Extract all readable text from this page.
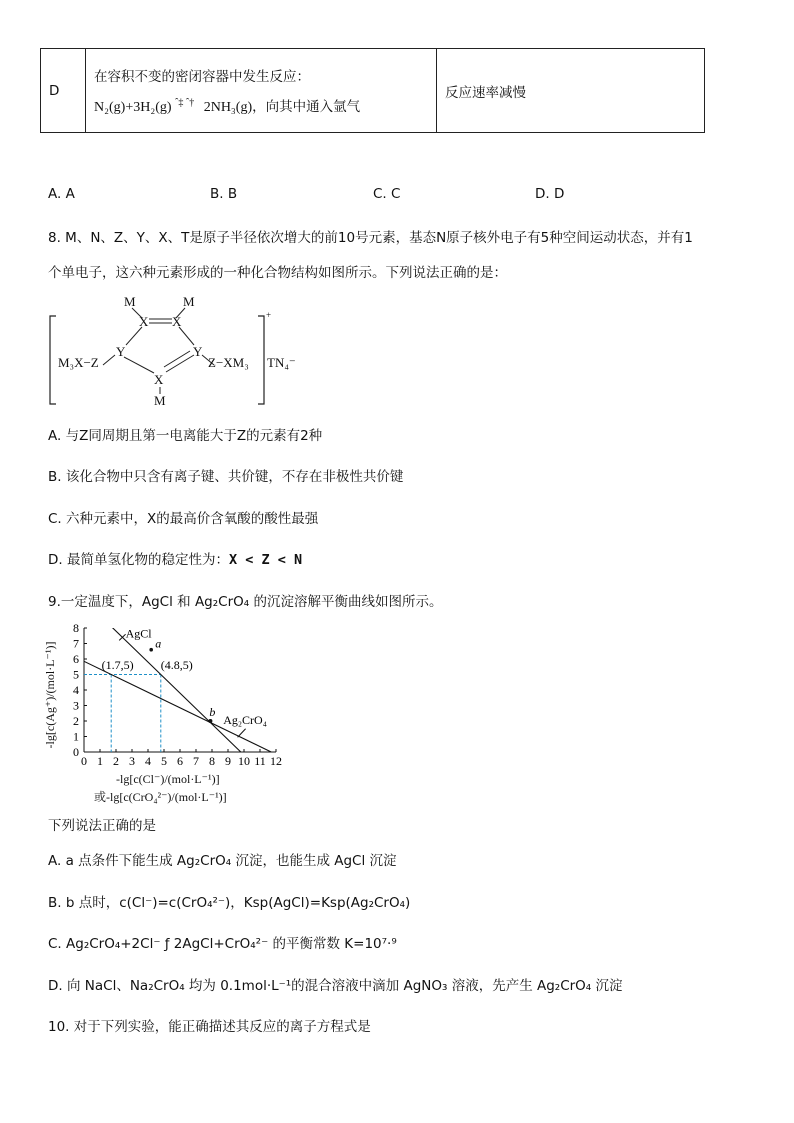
D	
在容积不变的密闭容器中发生反应：
N₂(g)+3H₂(g) $^{ˆ\ddagger ˆ\dagger}$ 2NH₃(g)，向其中通入氩气
	反应速率减慢
A. A	B. B	C. C	D. D
8. M、N、Z、Y、X、T是原子半径依次增大的前10号元素，基态N原子核外电子有5种空间运动状态，并有1
个单电子，这六种元素形成的一种化合物结构如图所示。下列说法正确的是：
M	M
X X
Y	Y
M₃X−Z	Z−XM₃
X
M
+
TN₄⁻
A. 与Z同周期且第一电离能大于Z的元素有2种
B. 该化合物中只含有离子键、共价键，不存在非极性共价键
C. 六种元素中，X的最高价含氧酸的酸性最强
D. 最简单氢化物的稳定性为：X < Z < N
9.一定温度下，AgCl 和 Ag₂CrO₄ 的沉淀溶解平衡曲线如图所示。
-lg[c(Ag⁺)/(mol·L⁻¹)]
0 1 2 3 4 5 6 7 8 9 10 11 12
0
1
2
3
4
5
6
7
8	AgCl
Ag₂CrO₄
(1.7,5) (4.8,5)
a
b
-lg[c(Cl⁻)/(mol·L⁻¹)]
或-lg[c(CrO₄²⁻)/(mol·L⁻¹)]
下列说法正确的是
A. a 点条件下能生成 Ag₂CrO₄ 沉淀，也能生成 AgCl 沉淀
B. b 点时，c(Cl⁻)=c(CrO₄²⁻)，Ksp(AgCl)=Ksp(Ag₂CrO₄)
C. Ag₂CrO₄+2Cl⁻ ƒ 2AgCl+CrO₄²⁻ 的平衡常数 K=10⁷·⁹
D. 向 NaCl、Na₂CrO₄ 均为 0.1mol·L⁻¹的混合溶液中滴加 AgNO₃ 溶液，先产生 Ag₂CrO₄ 沉淀
10. 对于下列实验，能正确描述其反应的离子方程式是
